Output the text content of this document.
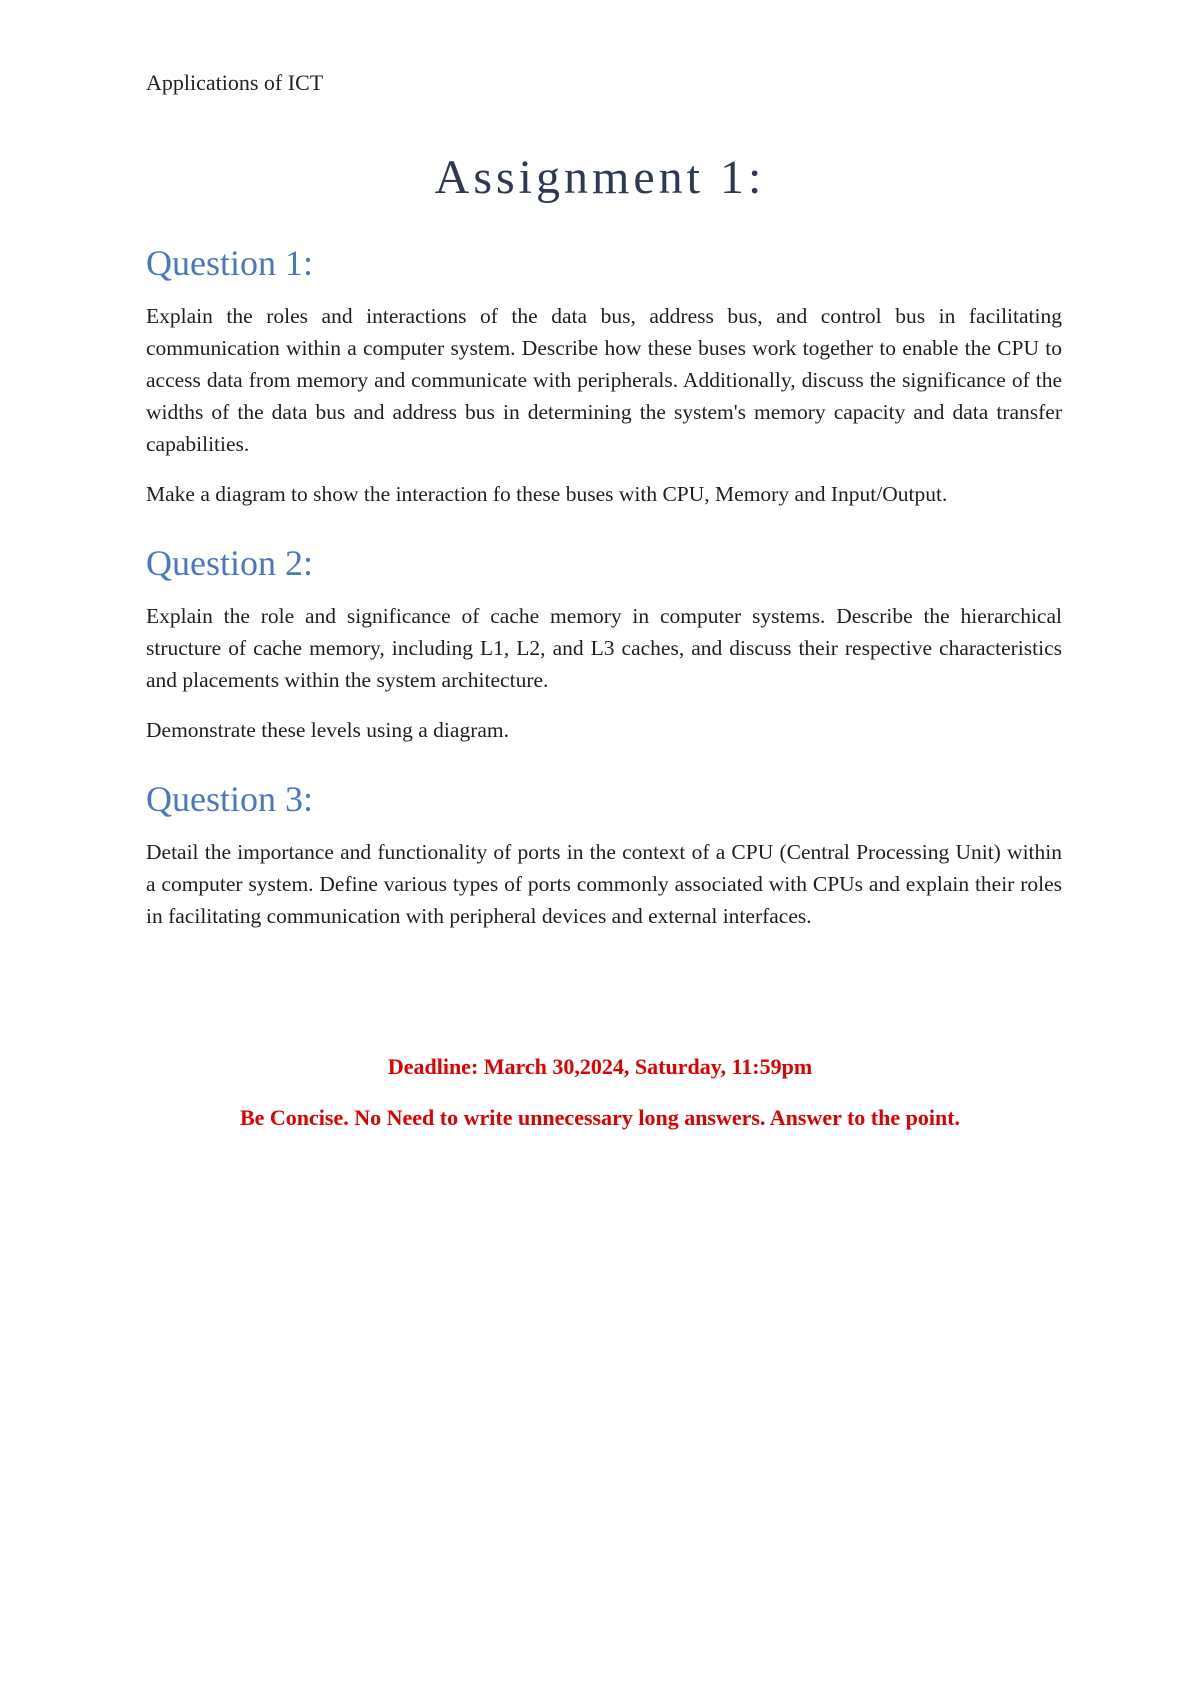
Applications of ICT
Assignment 1:
Question 1:

Explain the roles and interactions of the data bus, address bus, and control bus in facilitating communication within a computer system. Describe how these buses work together to enable the CPU to access data from memory and communicate with peripherals. Additionally, discuss the significance of the widths of the data bus and address bus in determining the system's memory capacity and data transfer capabilities.

Make a diagram to show the interaction fo these buses with CPU, Memory and Input/Output.

Question 2:

Explain the role and significance of cache memory in computer systems. Describe the hierarchical structure of cache memory, including L1, L2, and L3 caches, and discuss their respective characteristics and placements within the system architecture.

Demonstrate these levels using a diagram.

Question 3:

Detail the importance and functionality of ports in the context of a CPU (Central Processing Unit) within a computer system. Define various types of ports commonly associated with CPUs and explain their roles in facilitating communication with peripheral devices and external interfaces.

Deadline: March 30,2024, Saturday, 11:59pm
Be Concise. No Need to write unnecessary long answers. Answer to the point.
